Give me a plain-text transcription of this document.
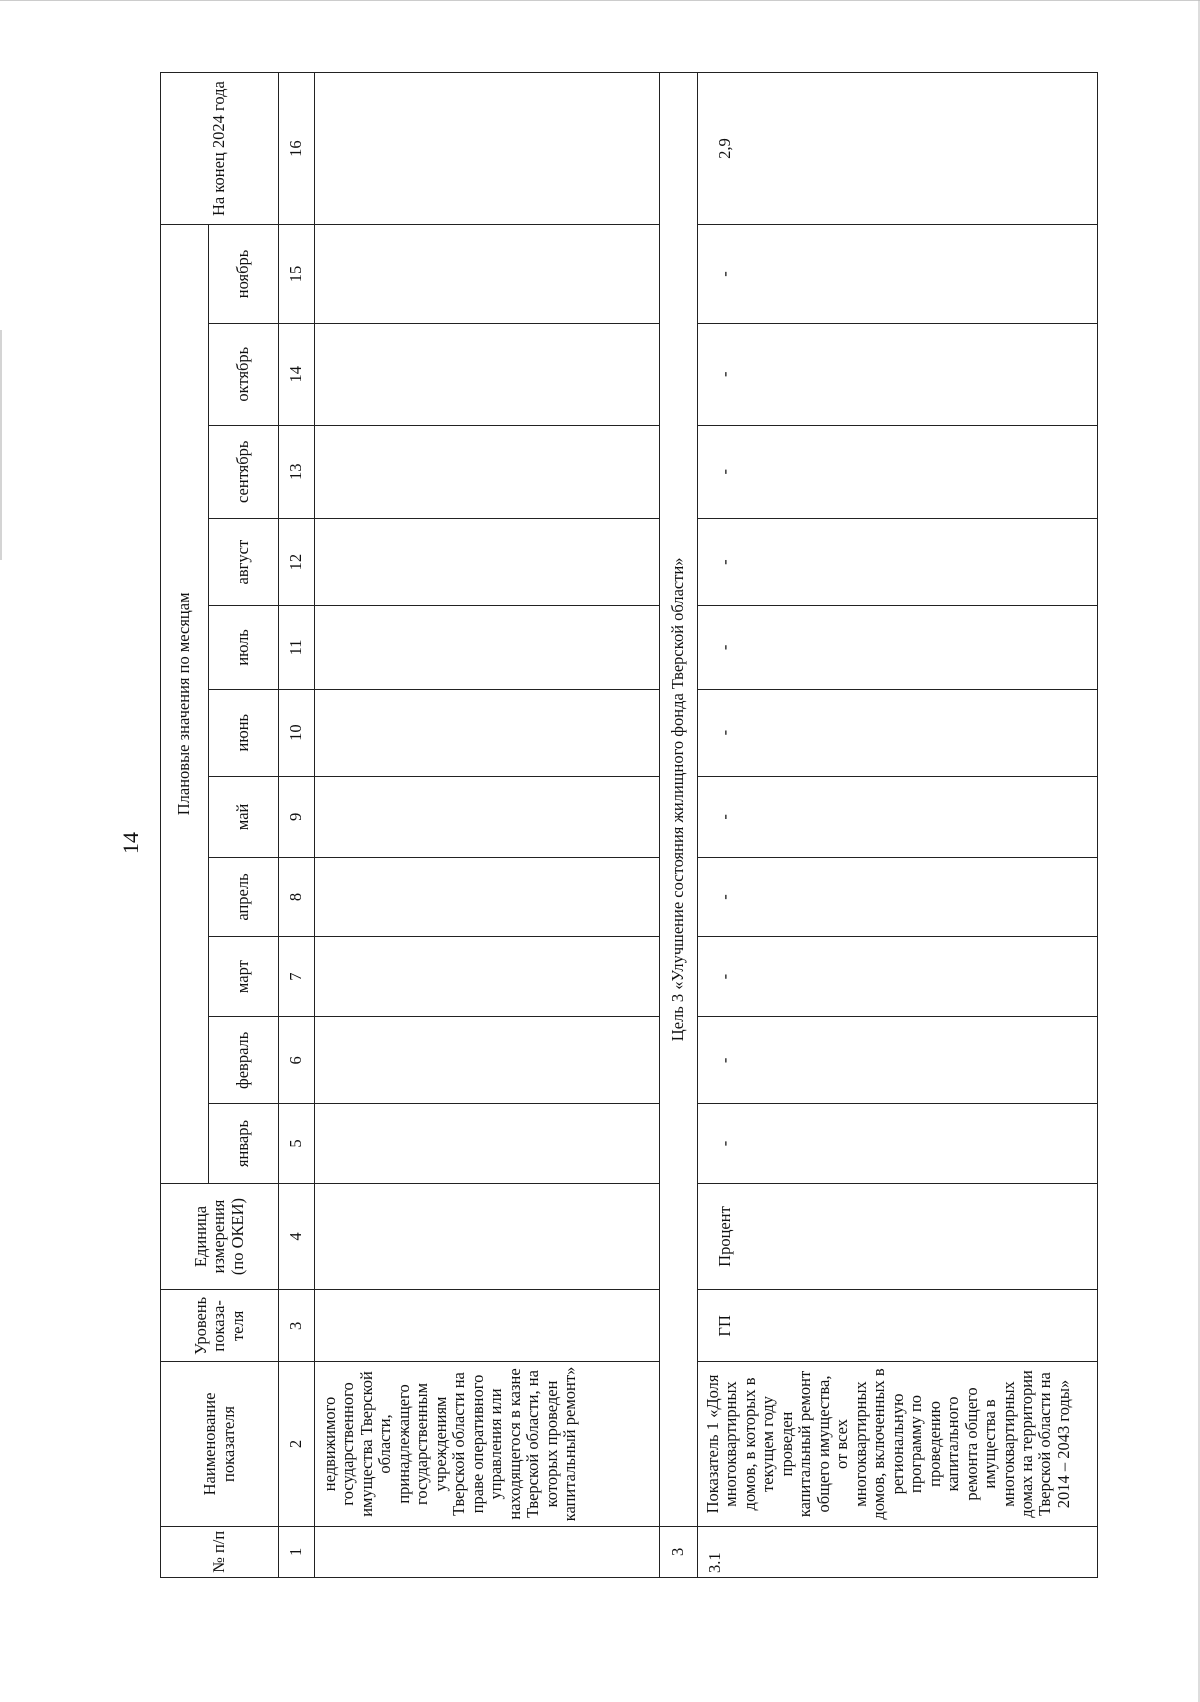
14
№ п/п	Наименование показателя	Уровень показа-теля	Единица измерения (по ОКЕИ)	Плановые значения по месяцам											На конец 2024 года
				январь	февраль	март	апрель	май	июнь	июль	август	сентябрь	октябрь	ноябрь	
1	2	3	4	5	6	7	8	9	10	11	12	13	14	15	16
	недвижимого государственного имущества Тверской области, принадлежащего государственным учреждениям Тверской области на праве оперативного управления или находящегося в казне Тверской области, на которых проведен капитальный ремонт»														
3	Цель 3 «Улучшение состояния жилищного фонда Тверской области»														
3.1	Показатель 1 «Доля многоквартирных домов, в которых в текущем году проведен капитальный ремонт общего имущества, от всех многоквартирных домов, включенных в региональную программу по проведению капитального ремонта общего имущества в многоквартирных домах на территории Тверской области на 2014 – 2043 годы»	ГП	Процент	-	-	-	-	-	-	-	-	-	-	-	2,9
